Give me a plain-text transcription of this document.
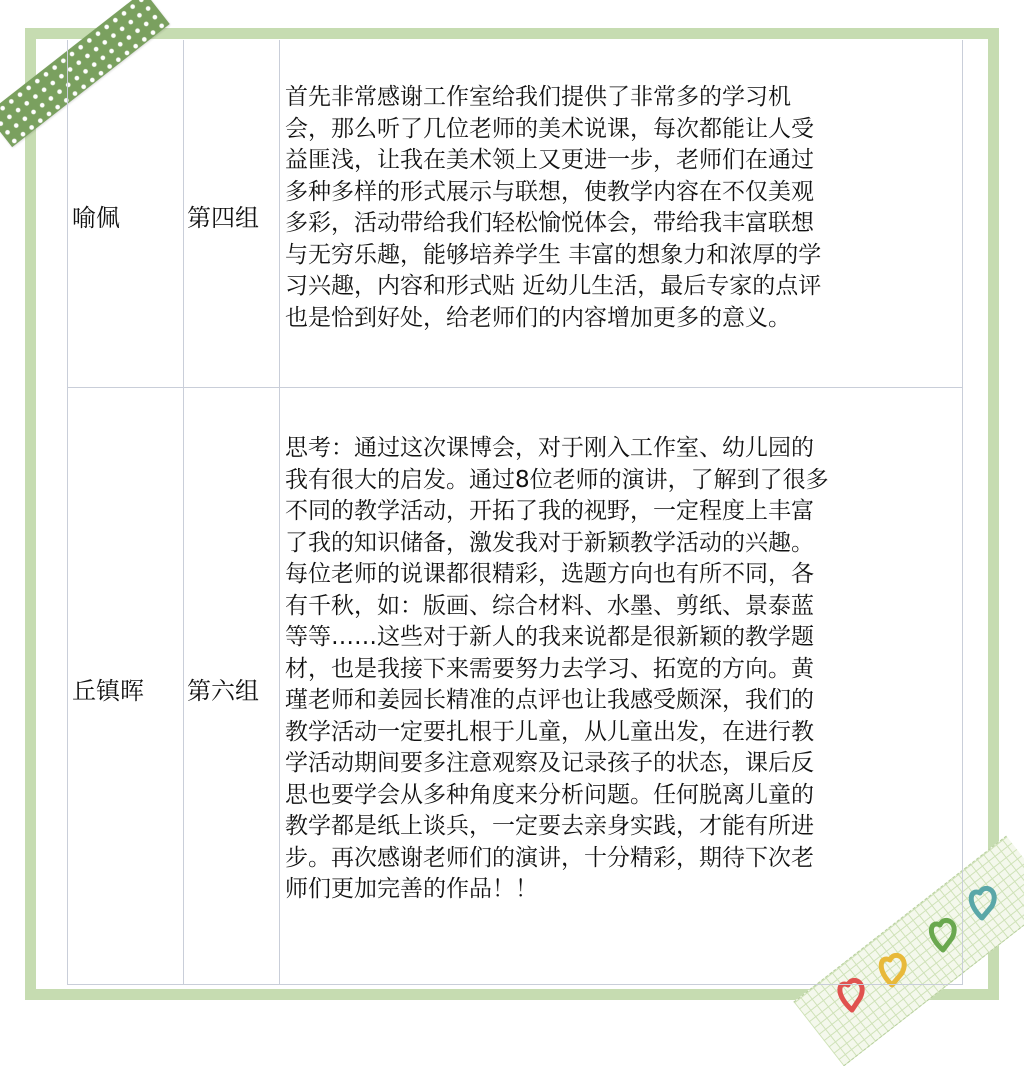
喻佩	第四组
首先非常感谢工作室给我们提供了非常多的学习机
会，那么听了几位老师的美术说课，每次都能让人受
益匪浅，让我在美术领上又更进一步，老师们在通过
多种多样的形式展示与联想，使教学内容在不仅美观
多彩，活动带给我们轻松愉悦体会，带给我丰富联想
与无穷乐趣，能够培养学生 丰富的想象力和浓厚的学
习兴趣，内容和形式贴 近幼儿生活，最后专家的点评
也是恰到好处，给老师们的内容增加更多的意义。
丘镇晖 第六组
思考：通过这次课博会，对于刚入工作室、幼儿园的
我有很大的启发。通过8位老师的演讲，了解到了很多
不同的教学活动，开拓了我的视野，一定程度上丰富
了我的知识储备，激发我对于新颖教学活动的兴趣。
每位老师的说课都很精彩，选题方向也有所不同，各
有千秋，如：版画、综合材料、水墨、剪纸、景泰蓝
等等……这些对于新人的我来说都是很新颖的教学题
材，也是我接下来需要努力去学习、拓宽的方向。黄
瑾老师和姜园长精准的点评也让我感受颇深，我们的
教学活动一定要扎根于儿童，从儿童出发，在进行教
学活动期间要多注意观察及记录孩子的状态，课后反
思也要学会从多种角度来分析问题。任何脱离儿童的
教学都是纸上谈兵，一定要去亲身实践，才能有所进
步。再次感谢老师们的演讲，十分精彩，期待下次老
师们更加完善的作品！！
